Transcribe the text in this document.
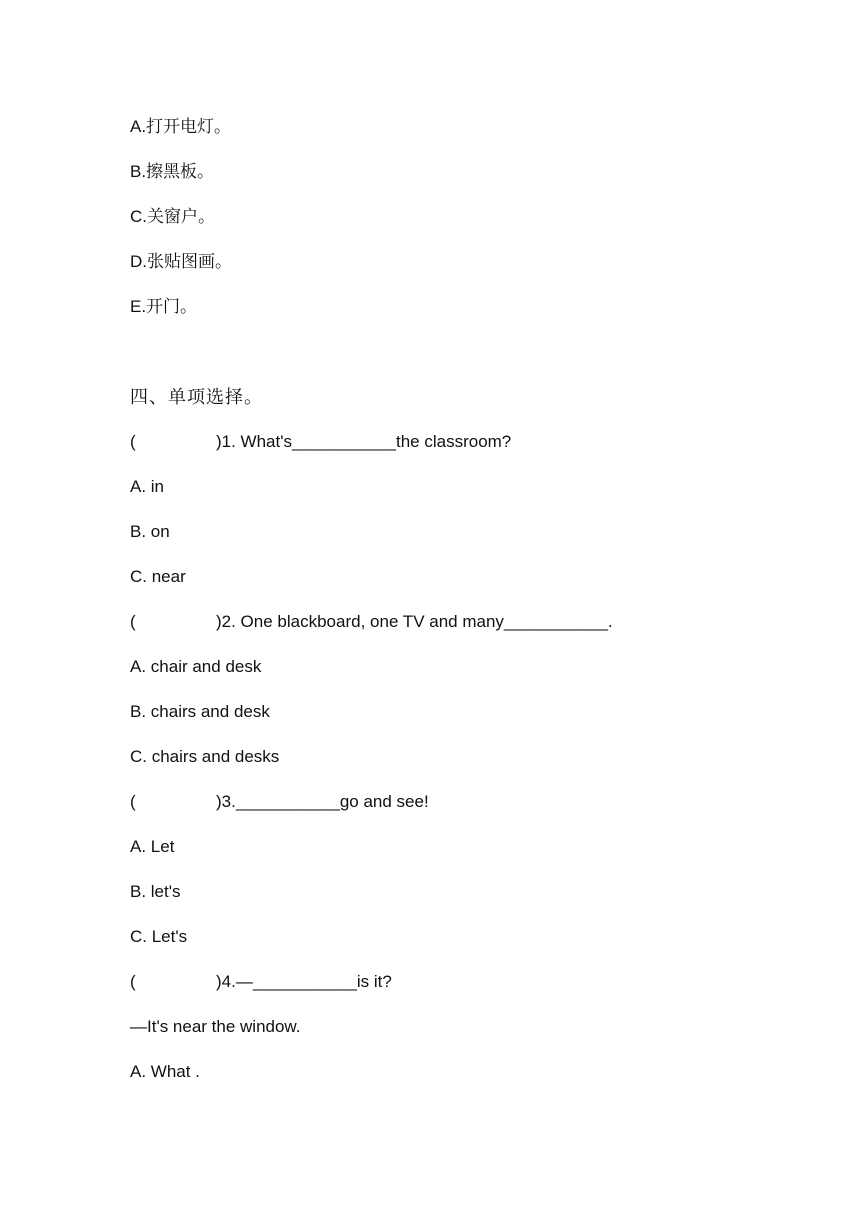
A.打开电灯。
B.擦黑板。
C.关窗户。
D.张贴图画。
E.开门。
四、单项选择。
(	)1. What's___________the classroom?
A. in
B. on
C. near
(	)2. One blackboard, one TV and many___________.
A. chair and desk
B. chairs and desk
C. chairs and desks
(	)3.___________go and see!
A. Let
B. let's
C. Let's
(	)4.—___________is it?
—It's near the window.
A. What .
